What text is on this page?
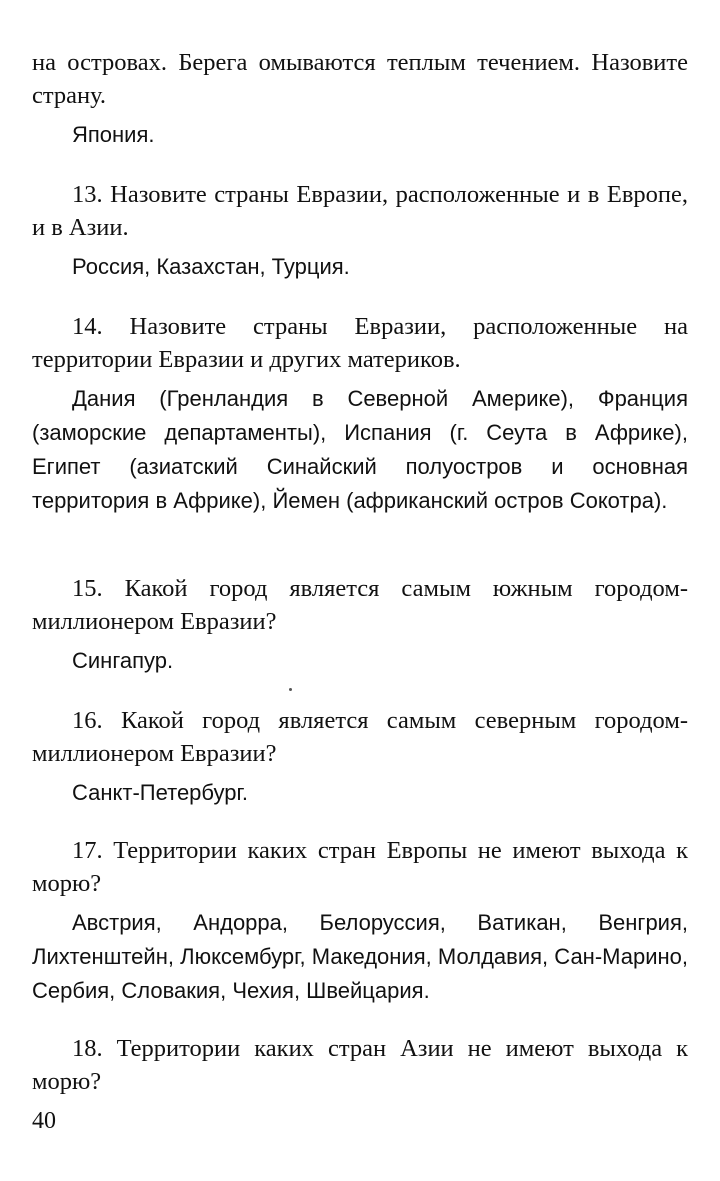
на островах. Берега омываются теплым течением. Назовите страну.

Япония.

13. Назовите страны Евразии, расположенные и в Европе, и в Азии.

Россия, Казахстан, Турция.

14. Назовите страны Евразии, расположенные на территории Евразии и других материков.

Дания (Гренландия в Северной Америке), Франция (заморские департаменты), Испания (г. Сеута в Африке), Египет (азиатский Синайский полуостров и основная территория в Африке), Йемен (африканский остров Сокотра).

15. Какой город является самым южным городом-миллионером Евразии?

Сингапур.

16. Какой город является самым северным городом-миллионером Евразии?

Санкт-Петербург.

17. Территории каких стран Европы не имеют выхода к морю?

Австрия, Андорра, Белоруссия, Ватикан, Венгрия, Лихтенштейн, Люксембург, Македония, Молдавия, Сан-Марино, Сербия, Словакия, Чехия, Швейцария.

18. Территории каких стран Азии не имеют выхода к морю?

40
